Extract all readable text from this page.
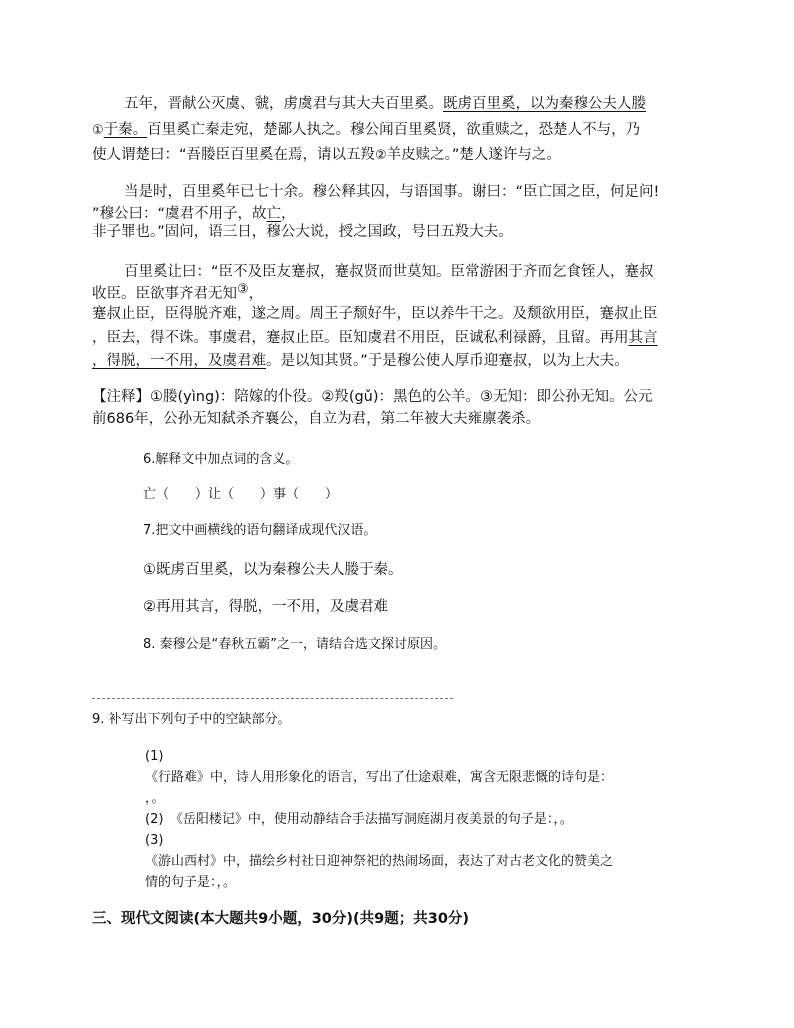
五年，晋献公灭虞、虢，虏虞君与其大夫百里奚。既虏百里奚，以为秦穆公夫人媵
①于秦。百里奚亡秦走宛，楚鄙人执之。穆公闻百里奚贤，欲重赎之，恐楚人不与，乃
使人谓楚曰：“吾媵臣百里奚在焉，请以五羖②羊皮赎之。”楚人遂许与之。
当是时，百里奚年已七十余。穆公释其囚，与语国事。谢曰：“臣亡国之臣，何足问!
”穆公曰：“虞君不用子，故亡，
非子罪也。”固问，语三日，穆公大说，授之国政，号曰五羖大夫。
百里奚让曰：“臣不及臣友蹇叔，蹇叔贤而世莫知。臣常游困于齐而乞食铚人，蹇叔
收臣。臣欲事齐君无知③，
蹇叔止臣，臣得脱齐难，遂之周。周王子颓好牛，臣以养牛干之。及颓欲用臣，蹇叔止臣
，臣去，得不诛。事虞君，蹇叔止臣。臣知虞君不用臣，臣诚私利禄爵，且留。再用其言
，得脱，一不用，及虞君难。是以知其贤。”于是穆公使人厚币迎蹇叔，以为上大夫。
【注释】①媵(yìng)：陪嫁的仆役。②羖(gǔ)：黑色的公羊。③无知：即公孙无知。公元
前686年，公孙无知弑杀齐襄公，自立为君，第二年被大夫雍廪袭杀。
6.解释文中加点词的含义。
亡（　　）让（　　）事（　　）
7.把文中画横线的语句翻译成现代汉语。
①既虏百里奚，以为秦穆公夫人媵于秦。
②再用其言，得脱，一不用，及虞君难
8. 秦穆公是“春秋五霸”之一，请结合选文探讨原因。
9. 补写出下列句子中的空缺部分。
(1)
《行路难》中，诗人用形象化的语言，写出了仕途艰难，寓含无限悲慨的诗句是：
，。
(2)　《岳阳楼记》中，使用动静结合手法描写洞庭湖月夜美景的句子是：，。
(3)
《游山西村》中，描绘乡村社日迎神祭祀的热闹场面，表达了对古老文化的赞美之
情的句子是：，。
三、现代文阅读(本大题共9小题，30分)(共9题；共30分)
